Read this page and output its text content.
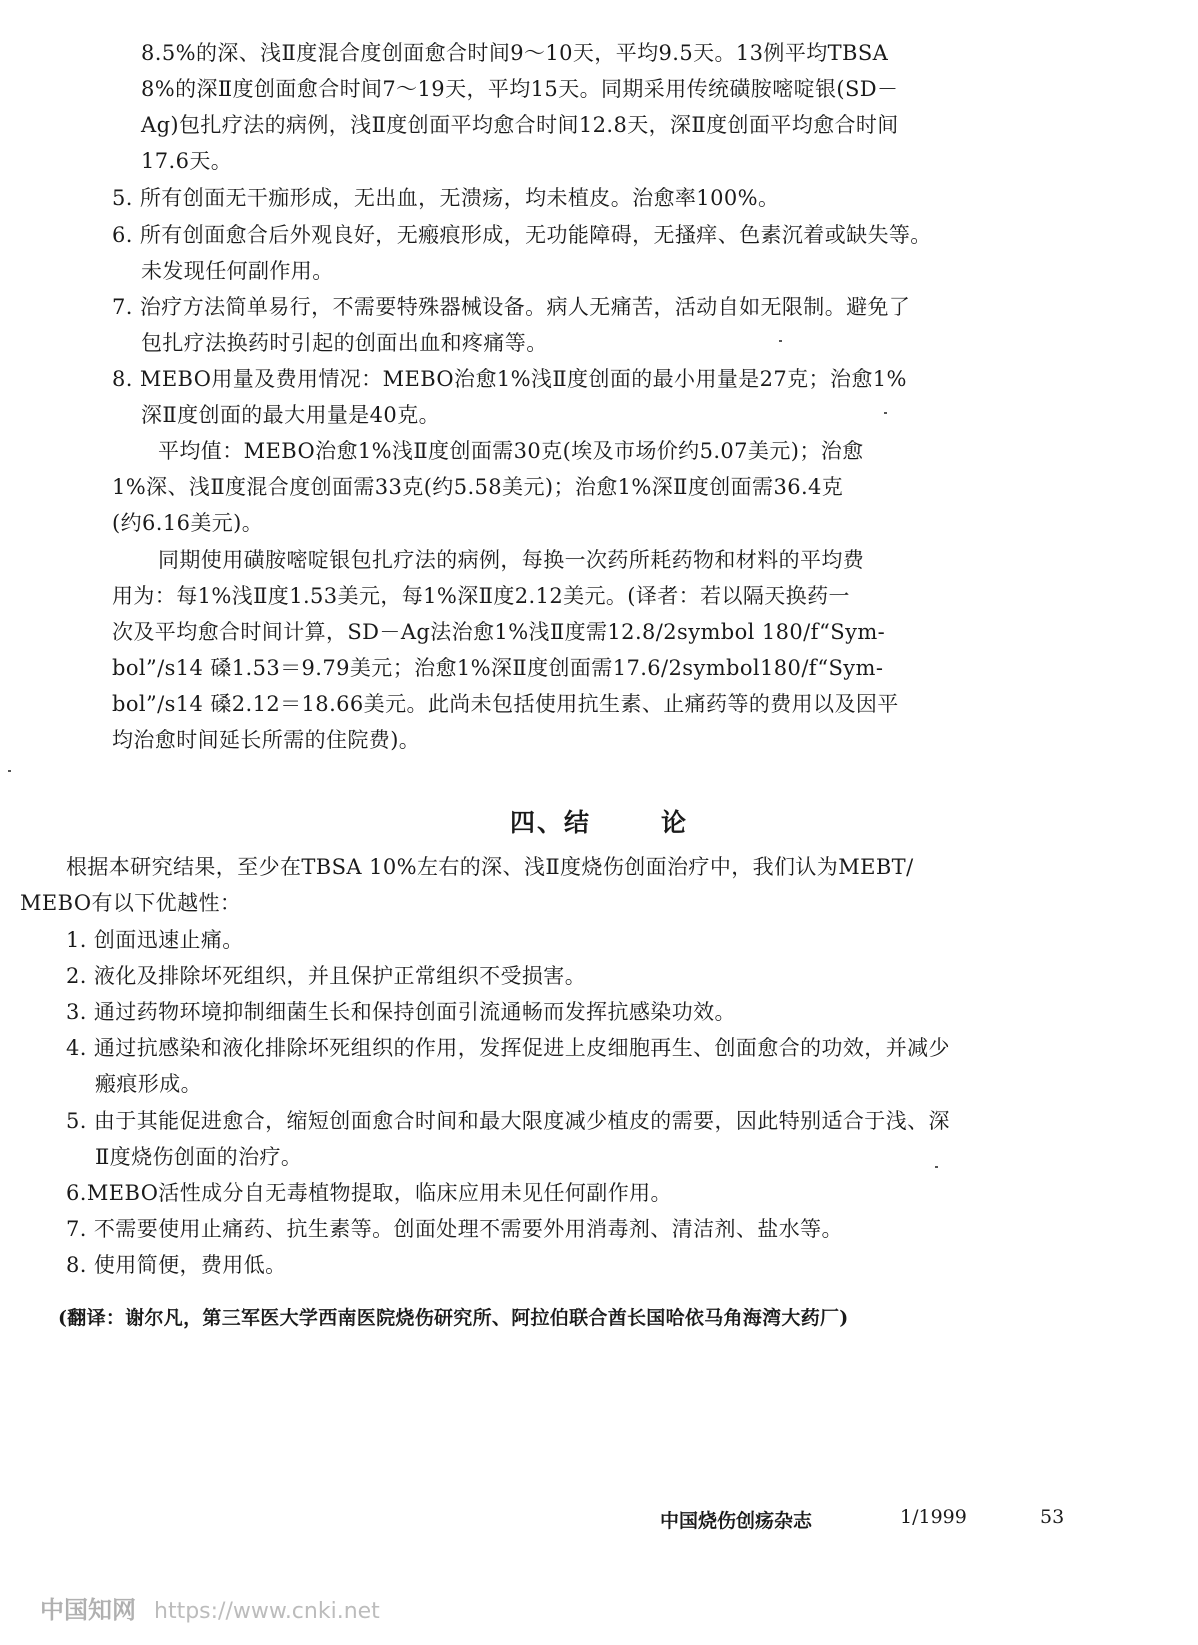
8.5%的深、浅Ⅱ度混合度创面愈合时间9～10天，平均9.5天。13例平均TBSA
8%的深Ⅱ度创面愈合时间7～19天，平均15天。同期采用传统磺胺嘧啶银(SD－
Ag)包扎疗法的病例，浅Ⅱ度创面平均愈合时间12.8天，深Ⅱ度创面平均愈合时间
17.6天。
5. 所有创面无干痂形成，无出血，无溃疡，均未植皮。治愈率100%。
6. 所有创面愈合后外观良好，无瘢痕形成，无功能障碍，无搔痒、色素沉着或缺失等。
未发现任何副作用。
7. 治疗方法简单易行，不需要特殊器械设备。病人无痛苦，活动自如无限制。避免了
包扎疗法换药时引起的创面出血和疼痛等。
8. MEBO用量及费用情况：MEBO治愈1%浅Ⅱ度创面的最小用量是27克；治愈1%
深Ⅱ度创面的最大用量是40克。
平均值：MEBO治愈1%浅Ⅱ度创面需30克(埃及市场价约5.07美元)；治愈
1%深、浅Ⅱ度混合度创面需33克(约5.58美元)；治愈1%深Ⅱ度创面需36.4克
(约6.16美元)。
同期使用磺胺嘧啶银包扎疗法的病例，每换一次药所耗药物和材料的平均费
用为：每1%浅Ⅱ度1.53美元，每1%深Ⅱ度2.12美元。(译者：若以隔天换药一
次及平均愈合时间计算，SD－Ag法治愈1%浅Ⅱ度需12.8/2symbol 180/f“Sym-
bol”/s14 磉1.53＝9.79美元；治愈1%深Ⅱ度创面需17.6/2symbol180/f“Sym-
bol”/s14 磉2.12＝18.66美元。此尚未包括使用抗生素、止痛药等的费用以及因平
均治愈时间延长所需的住院费)。
四、结	论
根据本研究结果，至少在TBSA 10%左右的深、浅Ⅱ度烧伤创面治疗中，我们认为MEBT/
MEBO有以下优越性：
1. 创面迅速止痛。
2. 液化及排除坏死组织，并且保护正常组织不受损害。
3. 通过药物环境抑制细菌生长和保持创面引流通畅而发挥抗感染功效。
4. 通过抗感染和液化排除坏死组织的作用，发挥促进上皮细胞再生、创面愈合的功效，并减少
瘢痕形成。
5. 由于其能促进愈合，缩短创面愈合时间和最大限度减少植皮的需要，因此特别适合于浅、深
Ⅱ度烧伤创面的治疗。
6.MEBO活性成分自无毒植物提取，临床应用未见任何副作用。
7. 不需要使用止痛药、抗生素等。创面处理不需要外用消毒剂、清洁剂、盐水等。
8. 使用简便，费用低。
(翻译：谢尔凡，第三军医大学西南医院烧伤研究所、阿拉伯联合酋长国哈依马角海湾大药厂)
中国烧伤创疡杂志	1/1999	53
中国知网 https://www.cnki.net
